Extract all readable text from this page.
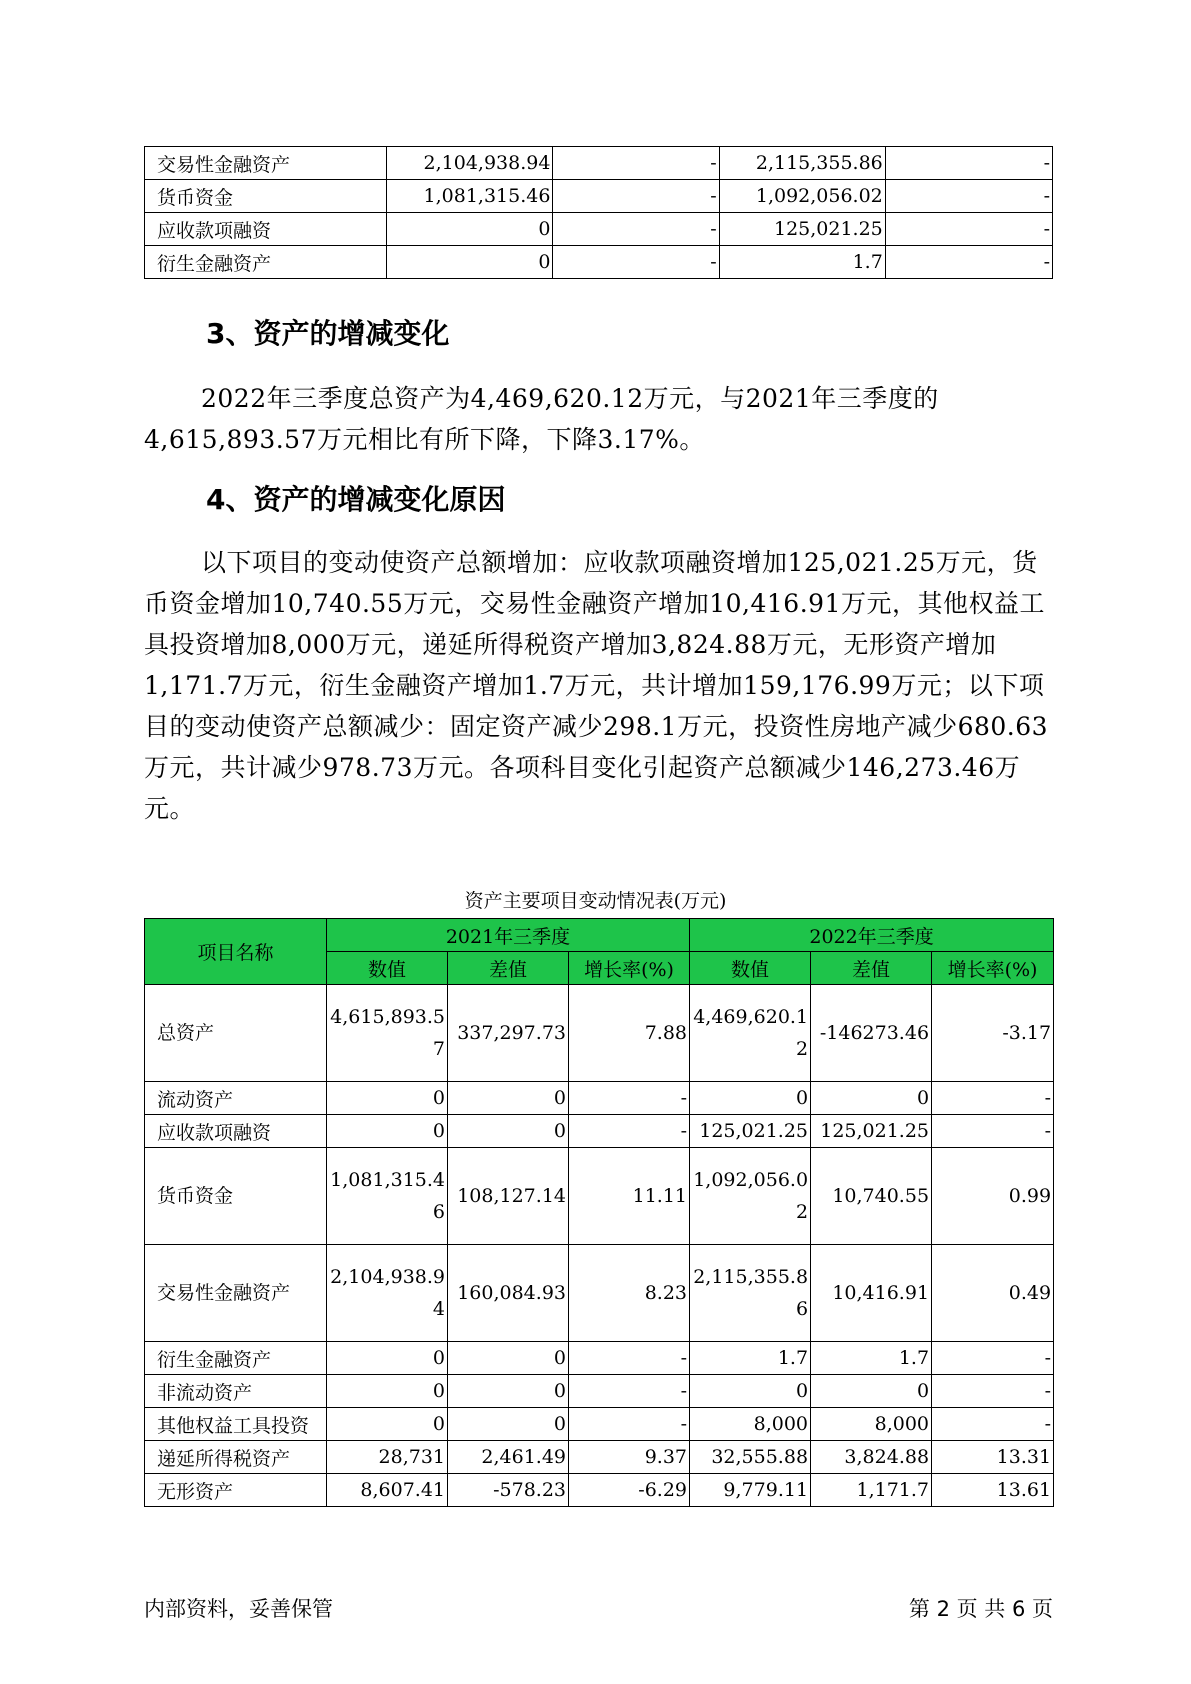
交易性金融资产	2,104,938.94	-	2,115,355.86	-
货币资金	1,081,315.46	-	1,092,056.02	-
应收款项融资	0	-	125,021.25	-
衍生金融资产	0	-	1.7	-
3、资产的增减变化

2022年三季度总资产为4,469,620.12万元，与2021年三季度的4,615,893.57万元相比有所下降，下降3.17%。

4、资产的增减变化原因

以下项目的变动使资产总额增加：应收款项融资增加125,021.25万元，货币资金增加10,740.55万元，交易性金融资产增加10,416.91万元，其他权益工具投资增加8,000万元，递延所得税资产增加3,824.88万元，无形资产增加1,171.7万元，衍生金融资产增加1.7万元，共计增加159,176.99万元；以下项目的变动使资产总额减少：固定资产减少298.1万元，投资性房地产减少680.63万元，共计减少978.73万元。各项科目变化引起资产总额减少146,273.46万元。

资产主要项目变动情况表(万元)

项目名称	2021年三季度			2022年三季度		
	数值	差值	增长率(%)	数值	差值	增长率(%)
总资产	4,615,893.57	337,297.73	7.88	4,469,620.12	-146273.46	-3.17
流动资产	0	0	-	0	0	-
应收款项融资	0	0	-	125,021.25	125,021.25	-
货币资金	1,081,315.46	108,127.14	11.11	1,092,056.02	10,740.55	0.99
交易性金融资产	2,104,938.94	160,084.93	8.23	2,115,355.86	10,416.91	0.49
衍生金融资产	0	0	-	1.7	1.7	-
非流动资产	0	0	-	0	0	-
其他权益工具投资	0	0	-	8,000	8,000	-
递延所得税资产	28,731	2,461.49	9.37	32,555.88	3,824.88	13.31
无形资产	8,607.41	-578.23	-6.29	9,779.11	1,171.7	13.61

内部资料，妥善保管	第 2 页 共 6 页
